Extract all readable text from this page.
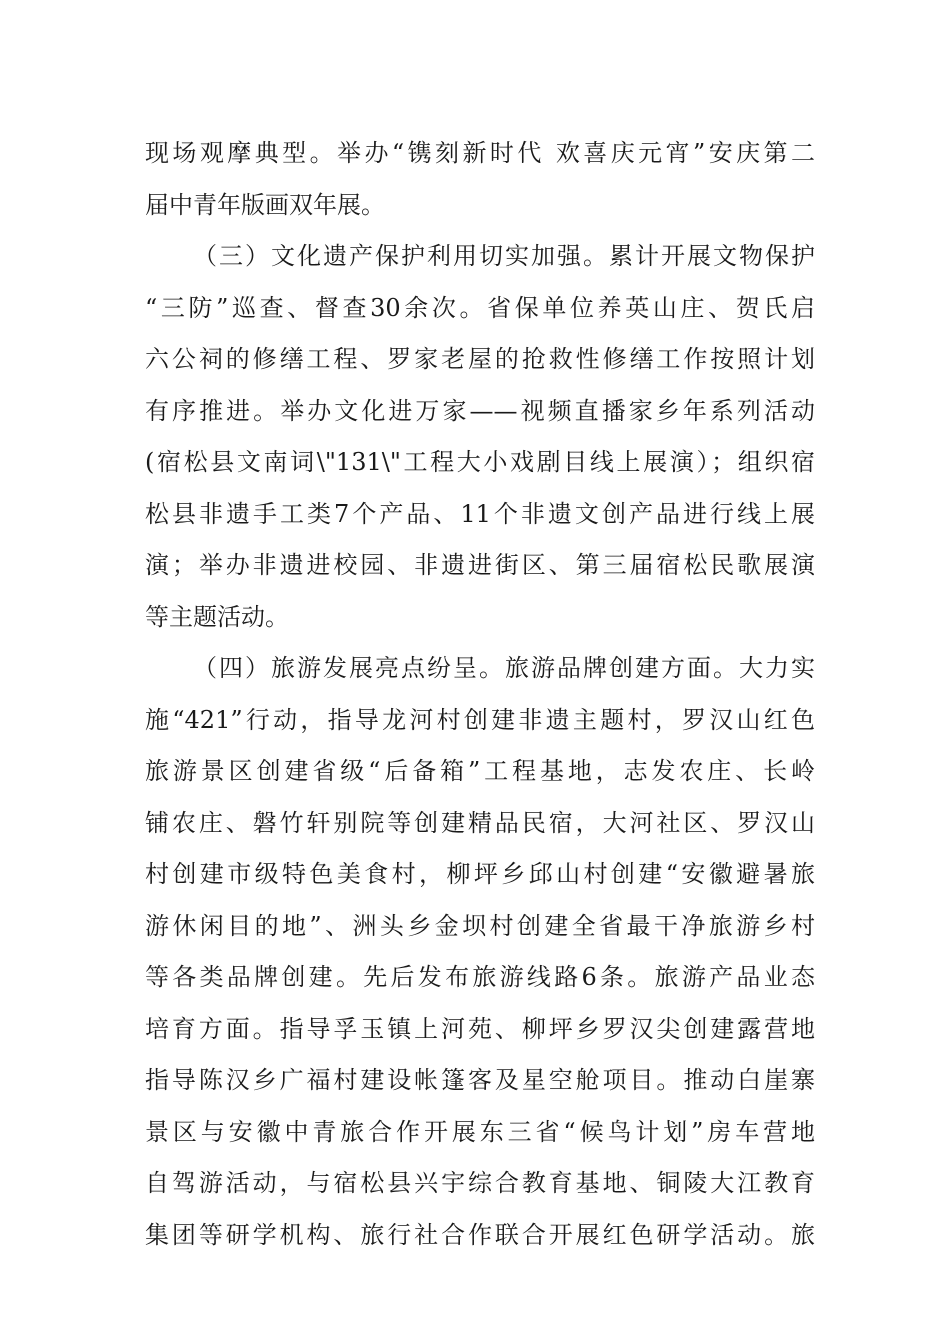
现场观摩典型。举办“镌刻新时代 欢喜庆元宵”安庆第二
届中青年版画双年展。
（三）文化遗产保护利用切实加强。累计开展文物保护
“三防”巡查、督查30余次。省保单位养英山庄、贺氏启
六公祠的修缮工程、罗家老屋的抢救性修缮工作按照计划
有序推进。举办文化进万家——视频直播家乡年系列活动
(宿松县文南词\"131\"工程大小戏剧目线上展演）；组织宿
松县非遗手工类7个产品、11个非遗文创产品进行线上展
演；举办非遗进校园、非遗进街区、第三届宿松民歌展演
等主题活动。
（四）旅游发展亮点纷呈。旅游品牌创建方面。大力实
施“421”行动，指导龙河村创建非遗主题村，罗汉山红色
旅游景区创建省级“后备箱”工程基地，志发农庄、长岭
铺农庄、磐竹轩别院等创建精品民宿，大河社区、罗汉山
村创建市级特色美食村，柳坪乡邱山村创建“安徽避暑旅
游休闲目的地”、洲头乡金坝村创建全省最干净旅游乡村
等各类品牌创建。先后发布旅游线路6条。旅游产品业态
培育方面。指导孚玉镇上河苑、柳坪乡罗汉尖创建露营地
指导陈汉乡广福村建设帐篷客及星空舱项目。推动白崖寨
景区与安徽中青旅合作开展东三省“候鸟计划”房车营地
自驾游活动，与宿松县兴宇综合教育基地、铜陵大江教育
集团等研学机构、旅行社合作联合开展红色研学活动。旅
